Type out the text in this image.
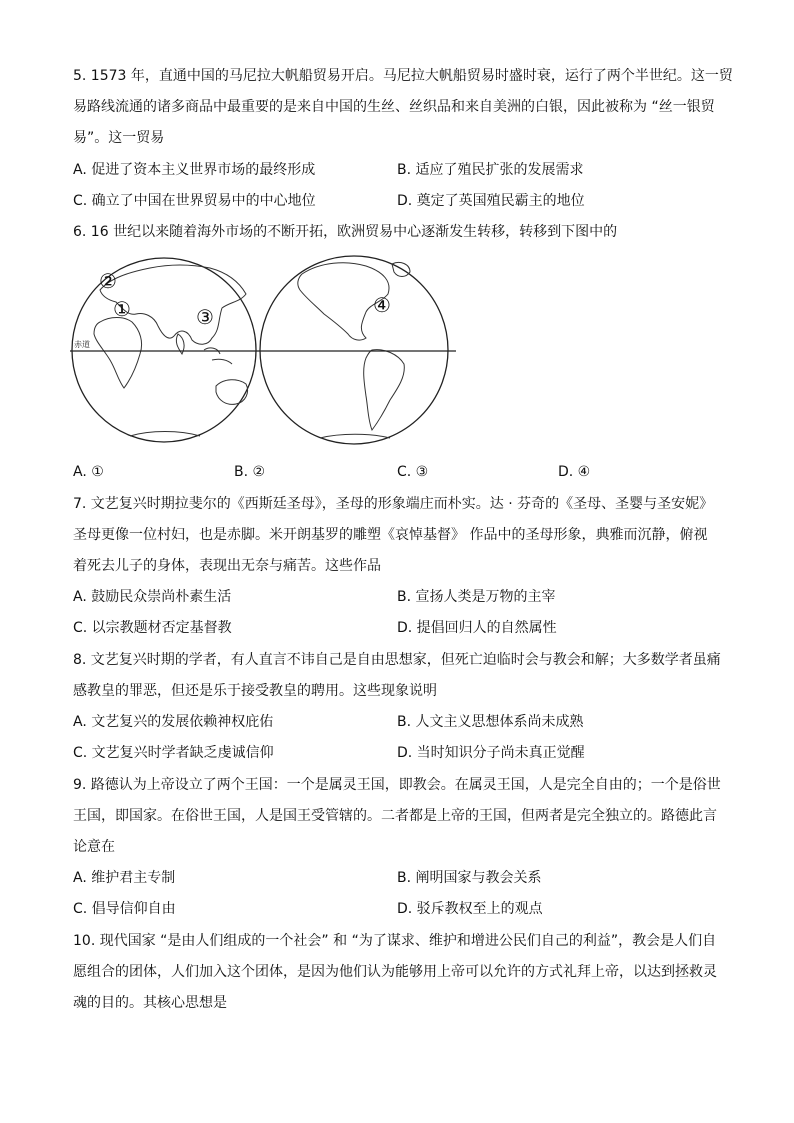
5. 1573 年，直通中国的马尼拉大帆船贸易开启。马尼拉大帆船贸易时盛时衰，运行了两个半世纪。这一贸
易路线流通的诸多商品中最重要的是来自中国的生丝、丝织品和来自美洲的白银，因此被称为 “丝一银贸
易”。这一贸易
A. 促进了资本主义世界市场的最终形成	B. 适应了殖民扩张的发展需求
C. 确立了中国在世界贸易中的中心地位	D. 奠定了英国殖民霸主的地位
6. 16 世纪以来随着海外市场的不断开拓，欧洲贸易中心逐渐发生转移，转移到下图中的
赤道
②
①	③	④
A. ①	B. ②	C. ③	D. ④
7. 文艺复兴时期拉斐尔的《西斯廷圣母》，圣母的形象端庄而朴实。达 · 芬奇的《圣母、圣婴与圣安妮》
圣母更像一位村妇，也是赤脚。米开朗基罗的雕塑《哀悼基督》 作品中的圣母形象，典雅而沉静，俯视
着死去儿子的身体，表现出无奈与痛苦。这些作品
A. 鼓励民众崇尚朴素生活	B. 宣扬人类是万物的主宰
C. 以宗教题材否定基督教	D. 提倡回归人的自然属性
8. 文艺复兴时期的学者，有人直言不讳自己是自由思想家，但死亡迫临时会与教会和解；大多数学者虽痛
感教皇的罪恶，但还是乐于接受教皇的聘用。这些现象说明
A. 文艺复兴的发展依赖神权庇佑	B. 人文主义思想体系尚未成熟
C. 文艺复兴时学者缺乏虔诚信仰	D. 当时知识分子尚未真正觉醒
9. 路德认为上帝设立了两个王国：一个是属灵王国，即教会。在属灵王国，人是完全自由的；一个是俗世
王国，即国家。在俗世王国，人是国王受管辖的。二者都是上帝的王国，但两者是完全独立的。路德此言
论意在
A. 维护君主专制	B. 阐明国家与教会关系
C. 倡导信仰自由	D. 驳斥教权至上的观点
10. 现代国家 “是由人们组成的一个社会” 和 “为了谋求、维护和增进公民们自己的利益”，教会是人们自
愿组合的团体，人们加入这个团体，是因为他们认为能够用上帝可以允许的方式礼拜上帝，以达到拯救灵
魂的目的。其核心思想是
